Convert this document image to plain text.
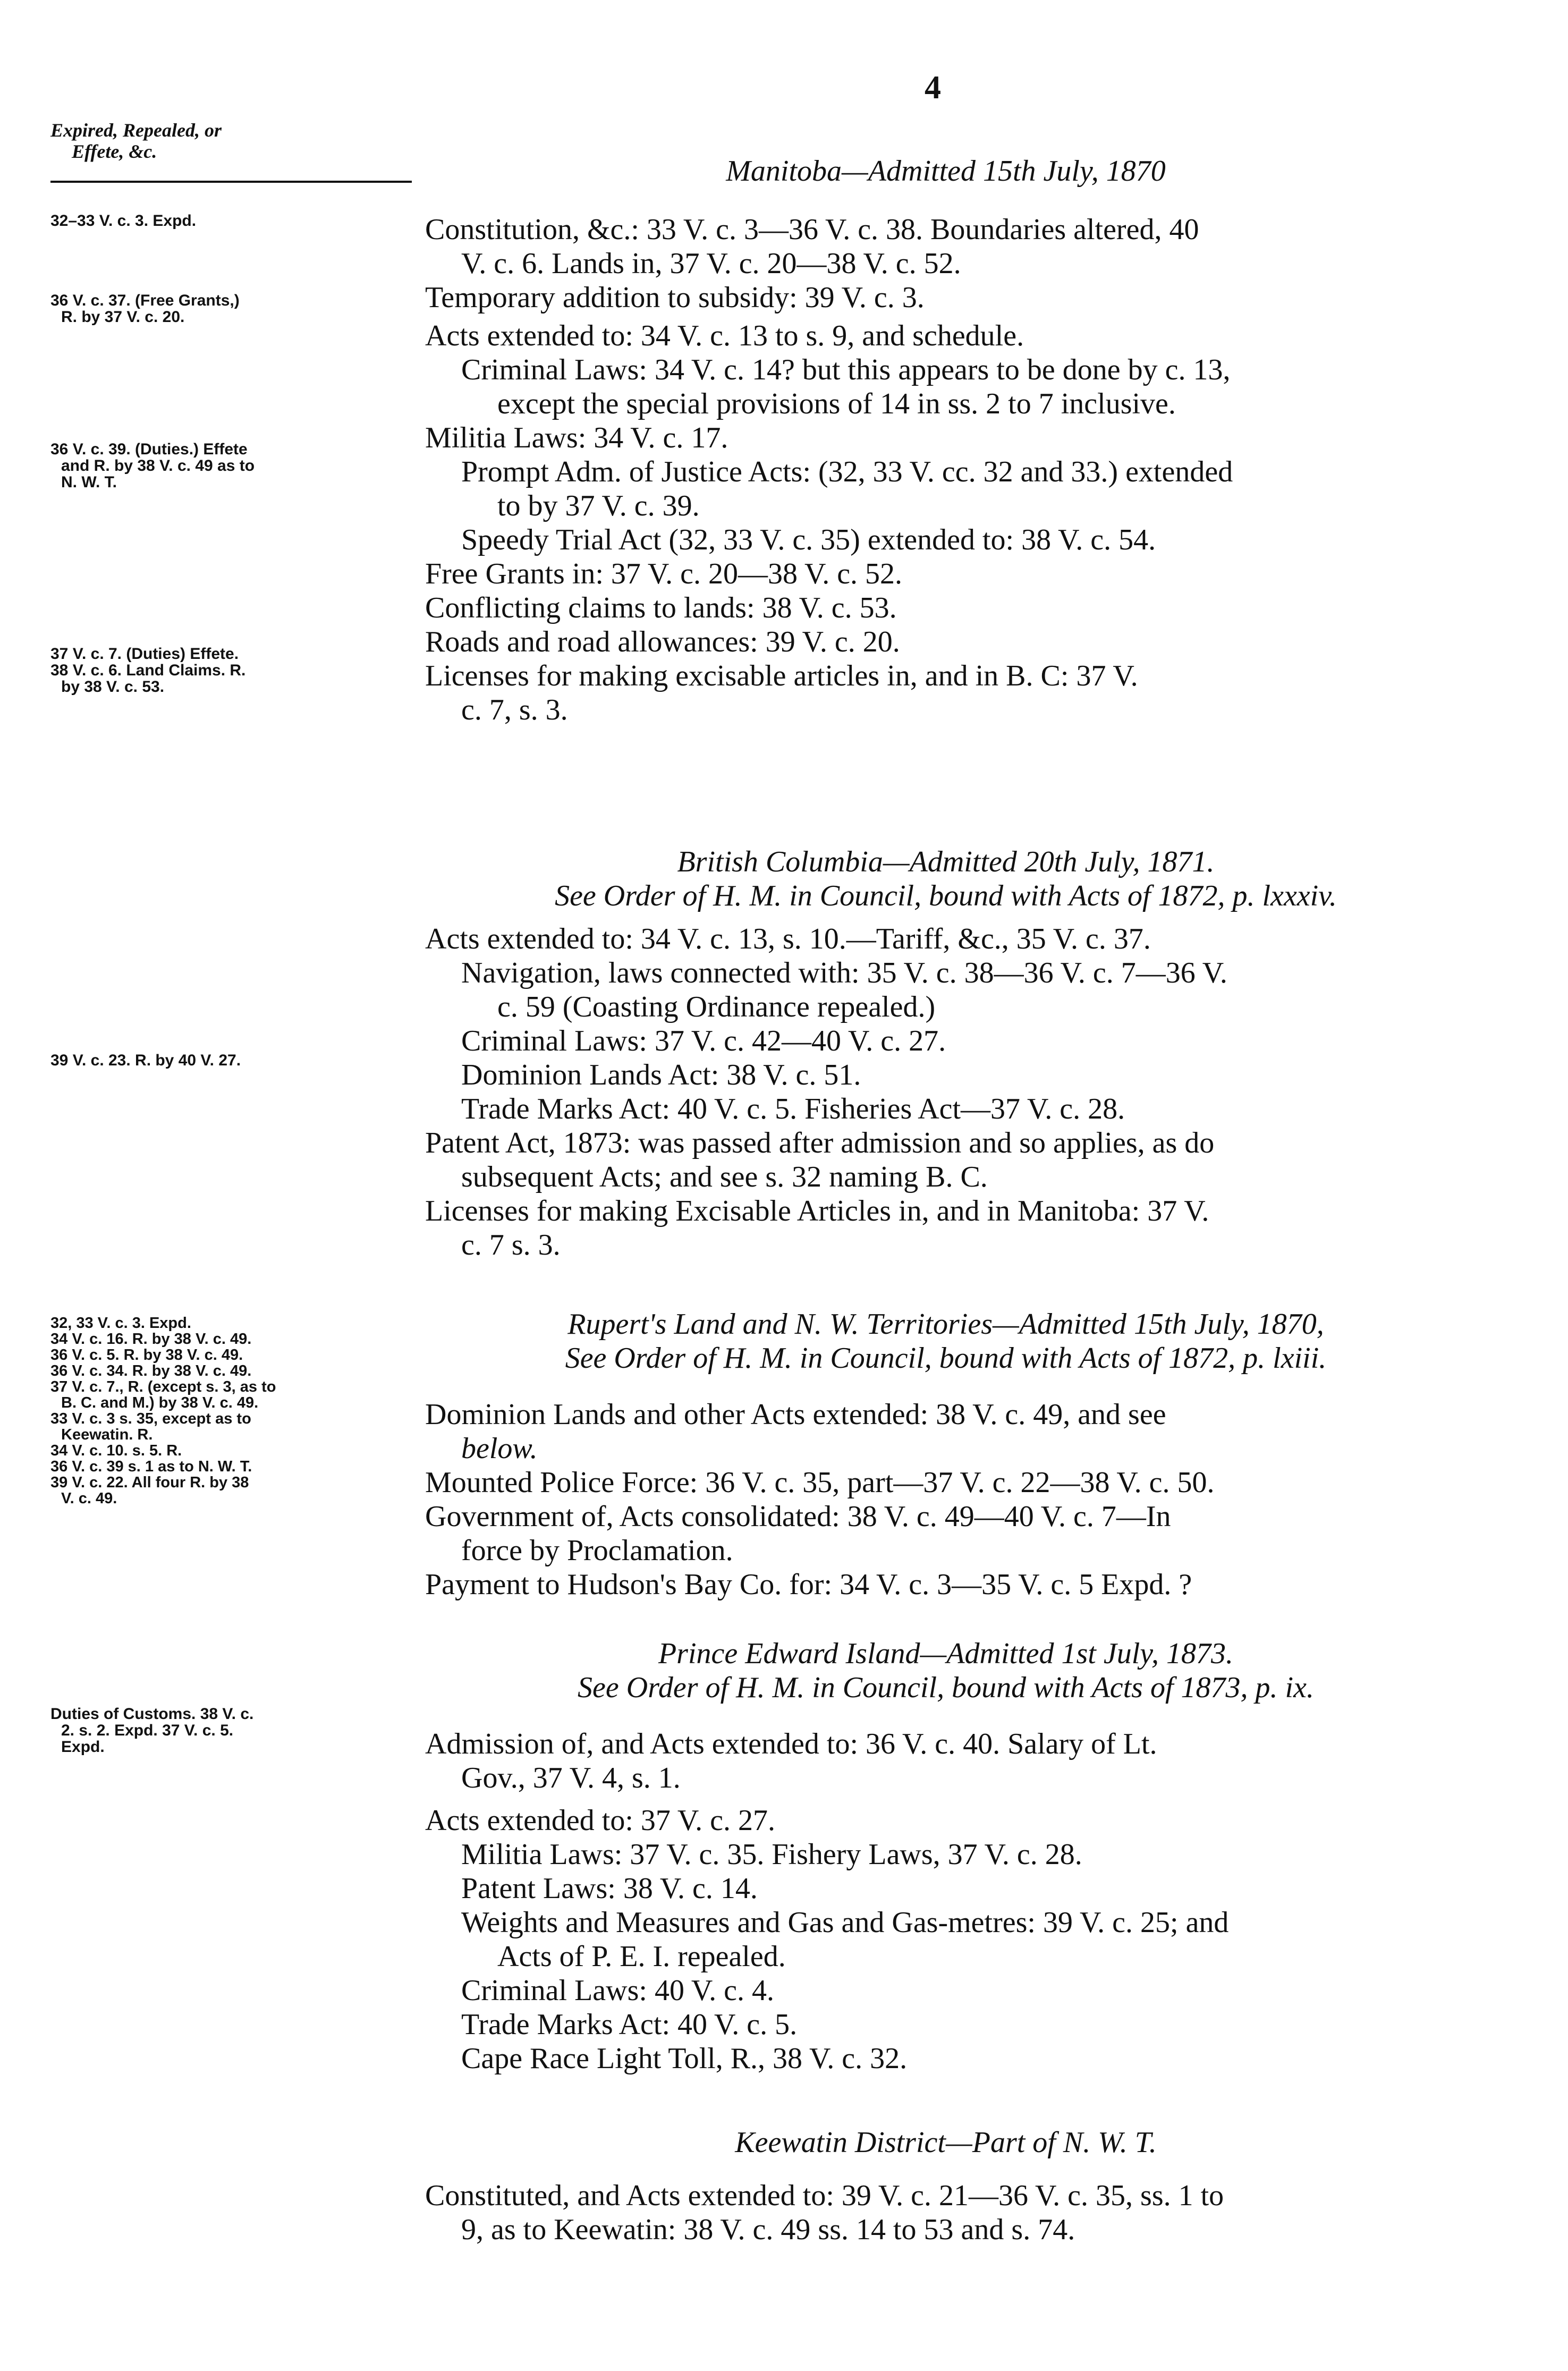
4
Expired, Repealed, or
Effete, &c.
Manitoba—Admitted 15th July, 1870
32–33 V. c. 3. Expd.
36 V. c. 37. (Free Grants,)
R. by 37 V. c. 20.
36 V. c. 39. (Duties.) Effete
and R. by 38 V. c. 49 as to
N. W. T.
37 V. c. 7. (Duties) Effete.
38 V. c. 6. Land Claims. R.
by 38 V. c. 53.
Constitution, &c.: 33 V. c. 3—36 V. c. 38. Boundaries altered, 40
V. c. 6. Lands in, 37 V. c. 20—38 V. c. 52.
Temporary addition to subsidy: 39 V. c. 3.
Acts extended to: 34 V. c. 13 to s. 9, and schedule.
Criminal Laws: 34 V. c. 14? but this appears to be done by c. 13,
except the special provisions of 14 in ss. 2 to 7 inclusive.
Militia Laws: 34 V. c. 17.
Prompt Adm. of Justice Acts: (32, 33 V. cc. 32 and 33.) extended
to by 37 V. c. 39.
Speedy Trial Act (32, 33 V. c. 35) extended to: 38 V. c. 54.
Free Grants in: 37 V. c. 20—38 V. c. 52.
Conflicting claims to lands: 38 V. c. 53.
Roads and road allowances: 39 V. c. 20.
Licenses for making excisable articles in, and in B. C: 37 V.
c. 7, s. 3.
British Columbia—Admitted 20th July, 1871.
See Order of H. M. in Council, bound with Acts of 1872, p. lxxxiv.
39 V. c. 23. R. by 40 V. 27.
Acts extended to: 34 V. c. 13, s. 10.—Tariff, &c., 35 V. c. 37.
Navigation, laws connected with: 35 V. c. 38—36 V. c. 7—36 V.
c. 59 (Coasting Ordinance repealed.)
Criminal Laws: 37 V. c. 42—40 V. c. 27.
Dominion Lands Act: 38 V. c. 51.
Trade Marks Act: 40 V. c. 5. Fisheries Act—37 V. c. 28.
Patent Act, 1873: was passed after admission and so applies, as do
subsequent Acts; and see s. 32 naming B. C.
Licenses for making Excisable Articles in, and in Manitoba: 37 V.
c. 7 s. 3.
Rupert's Land and N. W. Territories—Admitted 15th July, 1870,
See Order of H. M. in Council, bound with Acts of 1872, p. lxiii.
32, 33 V. c. 3. Expd.
34 V. c. 16. R. by 38 V. c. 49.
36 V. c. 5. R. by 38 V. c. 49.
36 V. c. 34. R. by 38 V. c. 49.
37 V. c. 7., R. (except s. 3, as to
B. C. and M.) by 38 V. c. 49.
33 V. c. 3 s. 35, except as to
Keewatin. R.
34 V. c. 10. s. 5. R.
36 V. c. 39 s. 1 as to N. W. T.
39 V. c. 22. All four R. by 38
V. c. 49.
Dominion Lands and other Acts extended: 38 V. c. 49, and see
below.
Mounted Police Force: 36 V. c. 35, part—37 V. c. 22—38 V. c. 50.
Government of, Acts consolidated: 38 V. c. 49—40 V. c. 7—In
force by Proclamation.
Payment to Hudson's Bay Co. for: 34 V. c. 3—35 V. c. 5 Expd. ?
Prince Edward Island—Admitted 1st July, 1873.
See Order of H. M. in Council, bound with Acts of 1873, p. ix.
Duties of Customs. 38 V. c.
2. s. 2. Expd. 37 V. c. 5.
Expd.	Admission of, and Acts extended to: 36 V. c. 40. Salary of Lt.
Gov., 37 V. 4, s. 1.
Acts extended to: 37 V. c. 27.
Militia Laws: 37 V. c. 35. Fishery Laws, 37 V. c. 28.
Patent Laws: 38 V. c. 14.
Weights and Measures and Gas and Gas-metres: 39 V. c. 25; and
Acts of P. E. I. repealed.
Criminal Laws: 40 V. c. 4.
Trade Marks Act: 40 V. c. 5.
Cape Race Light Toll, R., 38 V. c. 32.
Keewatin District—Part of N. W. T.
Constituted, and Acts extended to: 39 V. c. 21—36 V. c. 35, ss. 1 to
9, as to Keewatin: 38 V. c. 49 ss. 14 to 53 and s. 74.
